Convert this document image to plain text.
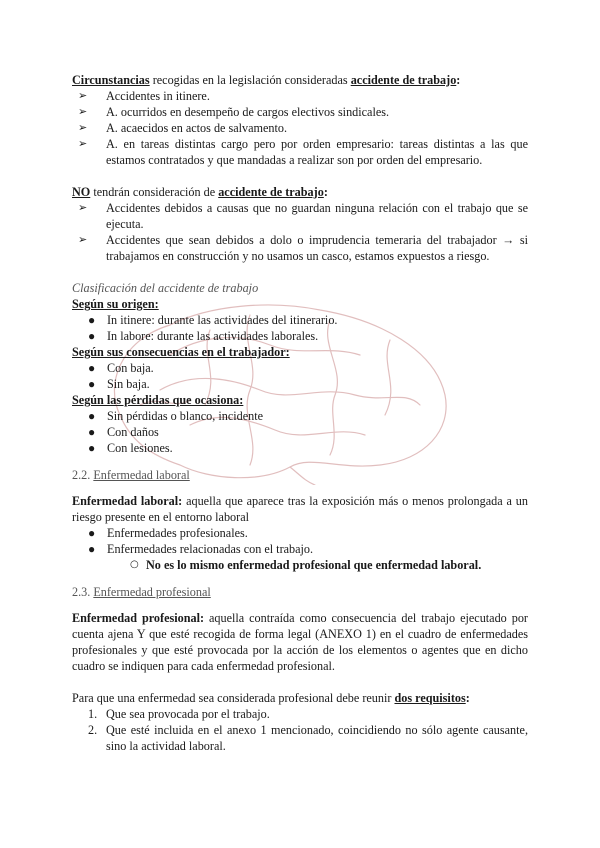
Circunstancias recogidas en la legislación consideradas accidente de trabajo:

➢ Accidentes in itinere.
➢ A. ocurridos en desempeño de cargos electivos sindicales.
➢ A. acaecidos en actos de salvamento.
➢ A. en tareas distintas cargo pero por orden empresario: tareas distintas a las que estamos contratados y que mandadas a realizar son por orden del empresario.

NO tendrán consideración de accidente de trabajo:

➢ Accidentes debidos a causas que no guardan ninguna relación con el trabajo que se ejecuta.
➢ Accidentes que sean debidos a dolo o imprudencia temeraria del trabajador → si trabajamos en construcción y no usamos un casco, estamos expuestos a riesgo.

Clasificación del accidente de trabajo

Según su origen:

● In itinere: durante las actividades del itinerario.
● In labore: durante las actividades laborales.

Según sus consecuencias en el trabajador:

● Con baja.
● Sin baja.

Según las pérdidas que ocasiona:

● Sin pérdidas o blanco, incidente
● Con daños
● Con lesiones.

2.2. Enfermedad laboral

Enfermedad laboral: aquella que aparece tras la exposición más o menos prolongada a un riesgo presente en el entorno laboral

● Enfermedades profesionales.
● Enfermedades relacionadas con el trabajo.
○ No es lo mismo enfermedad profesional que enfermedad laboral.

2.3. Enfermedad profesional

Enfermedad profesional: aquella contraída como consecuencia del trabajo ejecutado por cuenta ajena Y que esté recogida de forma legal (ANEXO 1) en el cuadro de enfermedades profesionales y que esté provocada por la acción de los elementos o agentes que en dicho cuadro se indiquen para cada enfermedad profesional.

Para que una enfermedad sea considerada profesional debe reunir dos requisitos:

1. Que sea provocada por el trabajo.
2. Que esté incluida en el anexo 1 mencionado, coincidiendo no sólo agente causante, sino la actividad laboral.
